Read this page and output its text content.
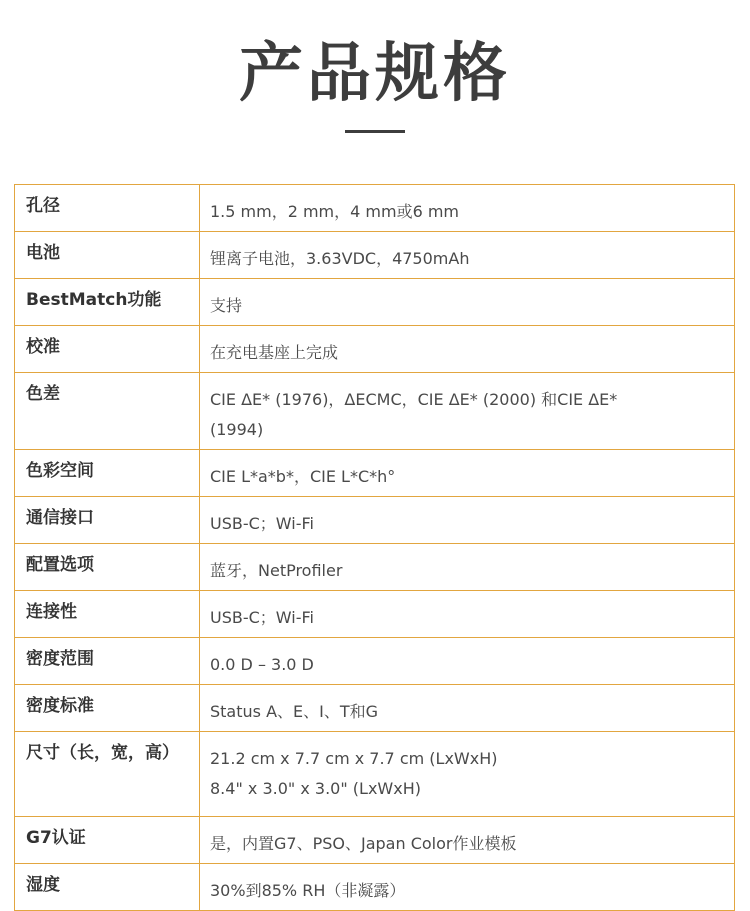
产品规格
孔径	1.5 mm，2 mm，4 mm或6 mm

电池	锂离子电池，3.63VDC，4750mAh

BestMatch功能	支持

校准	在充电基座上完成

色差	CIE ΔE* (1976)，ΔECMC，CIE ΔE* (2000) 和CIE ΔE*
(1994)

色彩空间	CIE L*a*b*，CIE L*C*h°

通信接口	USB-C；Wi-Fi

配置选项	蓝牙，NetProfiler

连接性	USB-C；Wi-Fi

密度范围	0.0 D – 3.0 D

密度标准	Status A、E、I、T和G

尺寸（长，宽，高）	21.2 cm x 7.7 cm x 7.7 cm (LxWxH)
8.4" x 3.0" x 3.0" (LxWxH)

G7认证	是，内置G7、PSO、Japan Color作业模板

湿度	30%到85% RH（非凝露）
